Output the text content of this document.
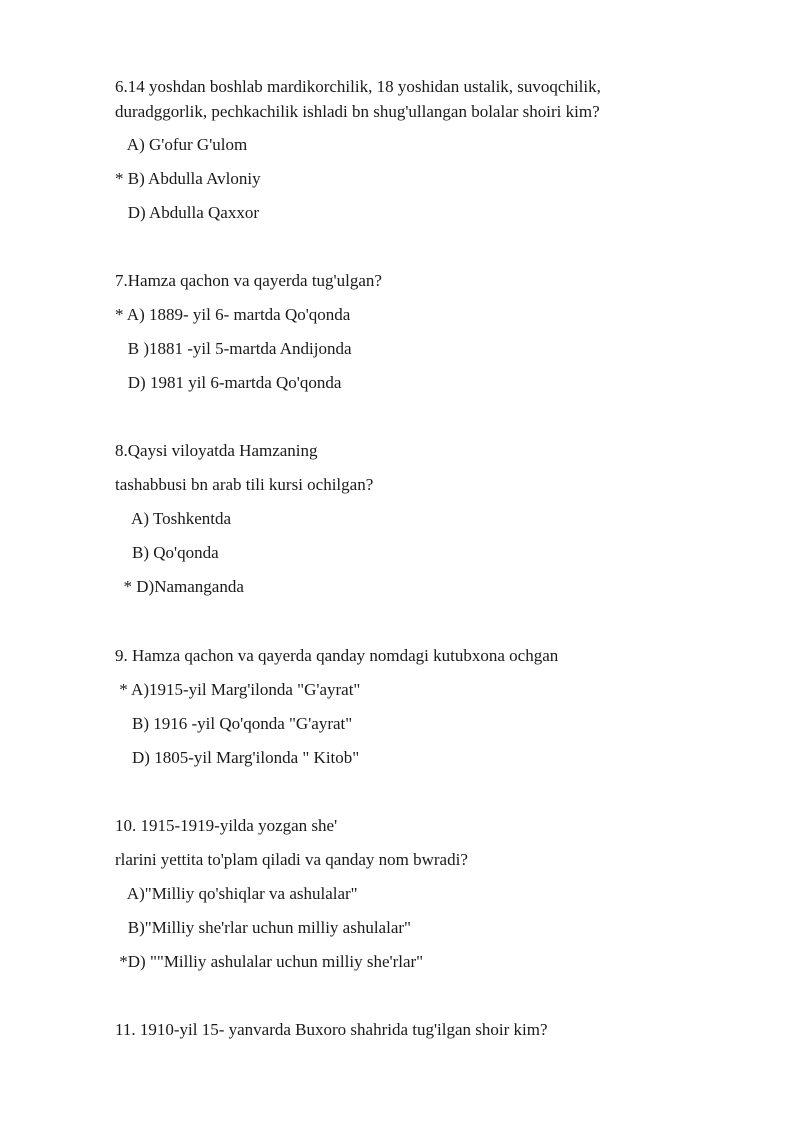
6.14 yoshdan boshlab mardikorchilik, 18 yoshidan ustalik, suvoqchilik,
duradggorlik, pechkachilik ishladi bn shug'ullangan bolalar shoiri kim?
A) G'ofur G'ulom
* B) Abdulla Avloniy
D) Abdulla Qaxxor
7.Hamza qachon va qayerda tug'ulgan?
* A) 1889- yil 6- martda Qo'qonda
B )1881 -yil 5-martda Andijonda
D) 1981 yil 6-martda Qo'qonda
8.Qaysi viloyatda Hamzaning
tashabbusi bn arab tili kursi ochilgan?
A) Toshkentda
B) Qo'qonda
* D)Namanganda
9. Hamza qachon va qayerda qanday nomdagi kutubxona ochgan
* A)1915-yil Marg'ilonda "G'ayrat"
B) 1916 -yil Qo'qonda "G'ayrat"
D) 1805-yil Marg'ilonda " Kitob"
10. 1915-1919-yilda yozgan she'
rlarini yettita to'plam qiladi va qanday nom bwradi?
A)"Milliy qo'shiqlar va ashulalar"
B)"Milliy she'rlar uchun milliy ashulalar"
*D) ""Milliy ashulalar uchun milliy she'rlar"
11. 1910-yil 15- yanvarda Buxoro shahrida tug'ilgan shoir kim?
